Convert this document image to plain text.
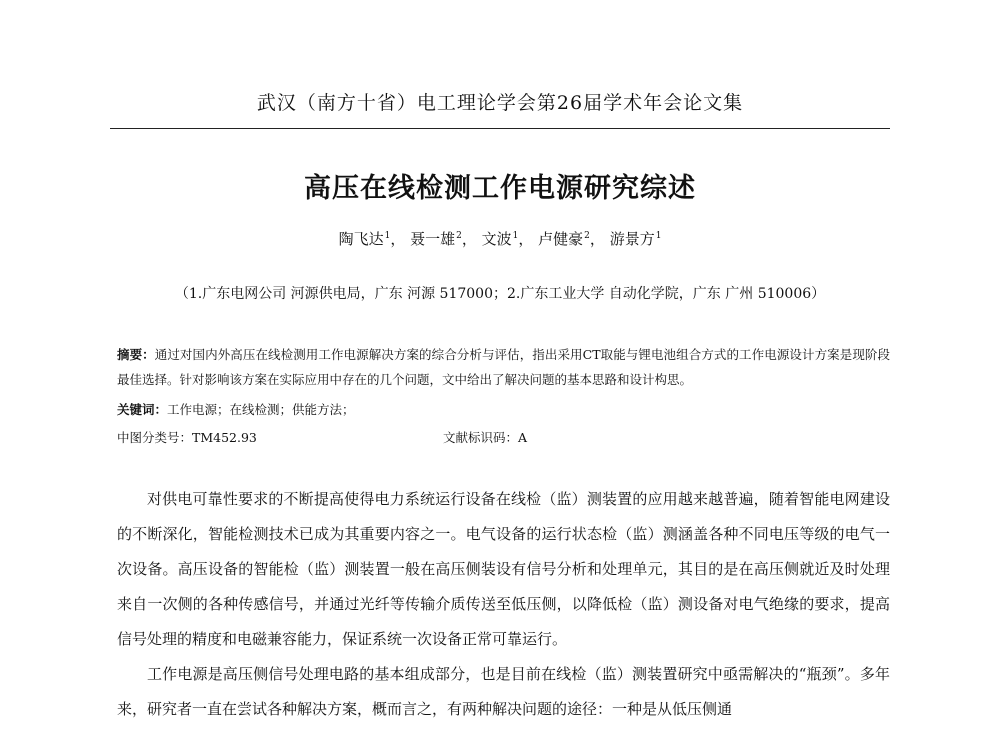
武汉（南方十省）电工理论学会第26届学术年会论文集
高压在线检测工作电源研究综述
陶飞达$^1$， 聂一雄$^2$， 文波$^1$， 卢健豪$^2$， 游景方$^1$
（1.广东电网公司 河源供电局，广东 河源 517000；2.广东工业大学 自动化学院，广东 广州 510006）
摘要：通过对国内外高压在线检测用工作电源解决方案的综合分析与评估，指出采用CT取能与锂电池组合方式的工作电源设计方案是现阶段最佳选择。针对影响该方案在实际应用中存在的几个问题，文中给出了解决问题的基本思路和设计构思。
关键词：工作电源；在线检测；供能方法；
中图分类号：TM452.93	文献标识码：A

对供电可靠性要求的不断提高使得电力系统运行设备在线检（监）测装置的应用越来越普遍，随着智能电网建设的不断深化，智能检测技术已成为其重要内容之一。电气设备的运行状态检（监）测涵盖各种不同电压等级的电气一次设备。高压设备的智能检（监）测装置一般在高压侧装设有信号分析和处理单元，其目的是在高压侧就近及时处理来自一次侧的各种传感信号，并通过光纤等传输介质传送至低压侧，以降低检（监）测设备对电气绝缘的要求，提高信号处理的精度和电磁兼容能力，保证系统一次设备正常可靠运行。

工作电源是高压侧信号处理电路的基本组成部分，也是目前在线检（监）测装置研究中亟需解决的“瓶颈”。多年来，研究者一直在尝试各种解决方案，概而言之，有两种解决问题的途径：一种是从低压侧通
